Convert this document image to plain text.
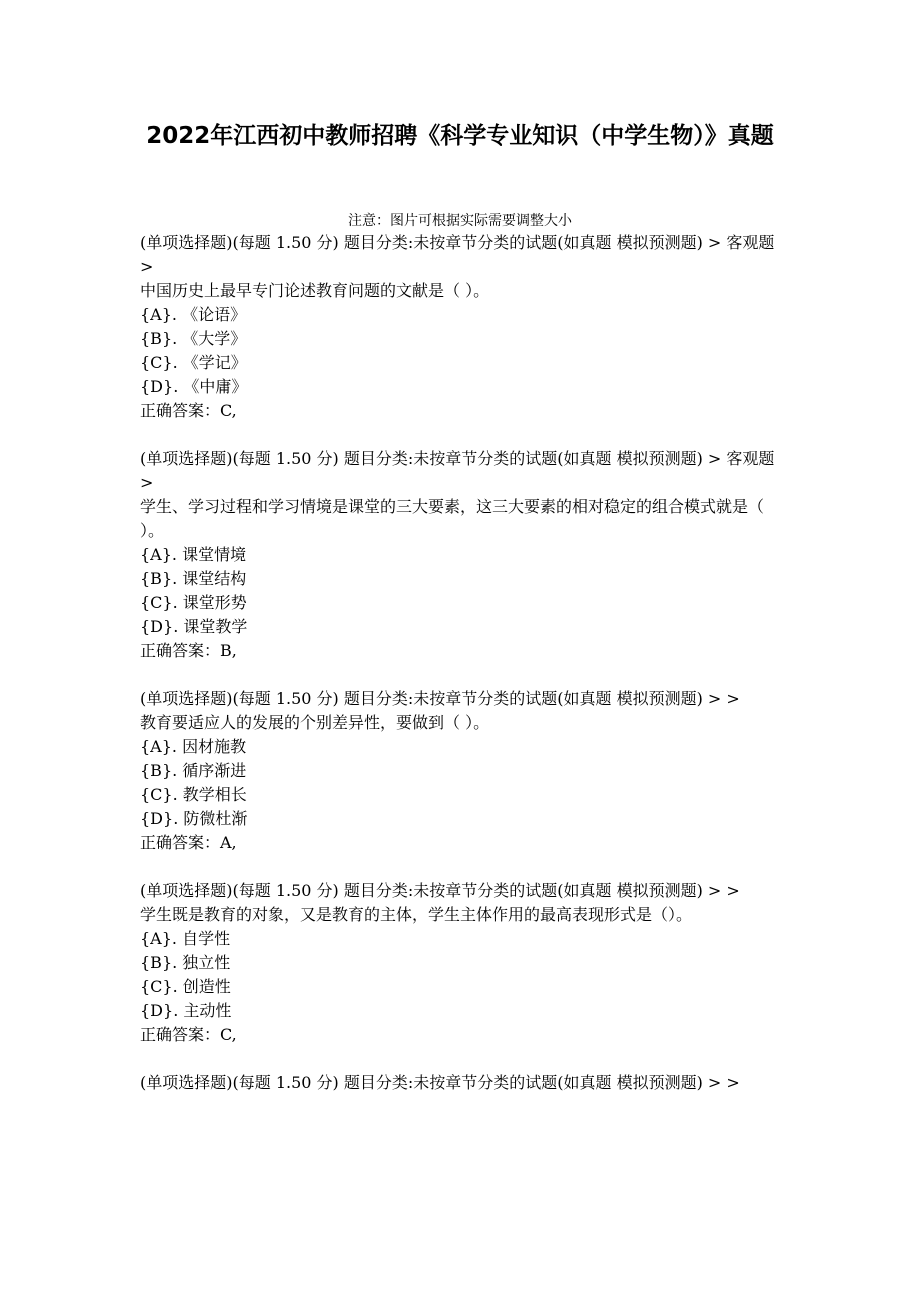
2022年江西初中教师招聘《科学专业知识（中学生物）》真题
注意：图片可根据实际需要调整大小
(单项选择题)(每题 1.50 分) 题目分类:未按章节分类的试题(如真题 模拟预测题) > 客观题 >
中国历史上最早专门论述教育问题的文献是（ ）。
{A}. 《论语》
{B}. 《大学》
{C}. 《学记》
{D}. 《中庸》
正确答案：C,
(单项选择题)(每题 1.50 分) 题目分类:未按章节分类的试题(如真题 模拟预测题) > 客观题 >
学生、学习过程和学习情境是课堂的三大要素，这三大要素的相对稳定的组合模式就是（ ）。
{A}. 课堂情境
{B}. 课堂结构
{C}. 课堂形势
{D}. 课堂教学
正确答案：B,
(单项选择题)(每题 1.50 分) 题目分类:未按章节分类的试题(如真题 模拟预测题) > >
教育要适应人的发展的个别差异性，要做到（ ）。
{A}. 因材施教
{B}. 循序渐进
{C}. 教学相长
{D}. 防微杜渐
正确答案：A,
(单项选择题)(每题 1.50 分) 题目分类:未按章节分类的试题(如真题 模拟预测题) > >
学生既是教育的对象，又是教育的主体，学生主体作用的最高表现形式是（）。
{A}. 自学性
{B}. 独立性
{C}. 创造性
{D}. 主动性
正确答案：C,
(单项选择题)(每题 1.50 分) 题目分类:未按章节分类的试题(如真题 模拟预测题) > >
